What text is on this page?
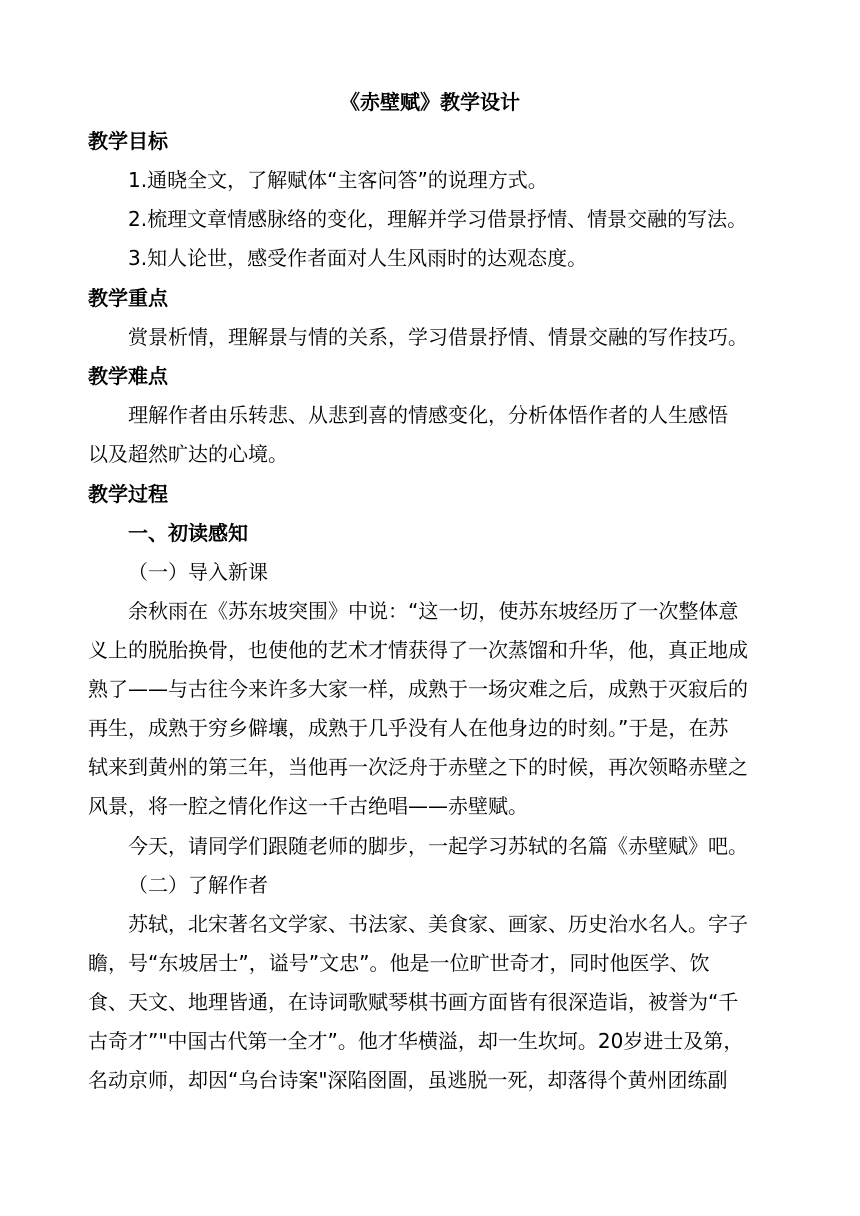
《赤壁赋》教学设计
教学目标
1.通晓全文，了解赋体“主客问答”的说理方式。
2.梳理文章情感脉络的变化，理解并学习借景抒情、情景交融的写法。
3.知人论世，感受作者面对人生风雨时的达观态度。
教学重点
赏景析情，理解景与情的关系，学习借景抒情、情景交融的写作技巧。
教学难点
理解作者由乐转悲、从悲到喜的情感变化，分析体悟作者的人生感悟
以及超然旷达的心境。
教学过程
一、初读感知
（一）导入新课
余秋雨在《苏东坡突围》中说：“这一切，使苏东坡经历了一次整体意
义上的脱胎换骨，也使他的艺术才情获得了一次蒸馏和升华，他，真正地成
熟了——与古往今来许多大家一样，成熟于一场灾难之后，成熟于灭寂后的
再生，成熟于穷乡僻壤，成熟于几乎没有人在他身边的时刻。”于是，在苏
轼来到黄州的第三年，当他再一次泛舟于赤壁之下的时候，再次领略赤壁之
风景，将一腔之情化作这一千古绝唱——赤壁赋。
今天，请同学们跟随老师的脚步，一起学习苏轼的名篇《赤壁赋》吧。
（二）了解作者
苏轼，北宋著名文学家、书法家、美食家、画家、历史治水名人。字子
瞻，号“东坡居士”，谥号”文忠”。他是一位旷世奇才，同时他医学、饮
食、天文、地理皆通，在诗词歌赋琴棋书画方面皆有很深造诣，被誉为“千
古奇才”"中国古代第一全才”。他才华横溢，却一生坎坷。20岁进士及第，
名动京师，却因“乌台诗案"深陷囹圄，虽逃脱一死，却落得个黄州团练副
